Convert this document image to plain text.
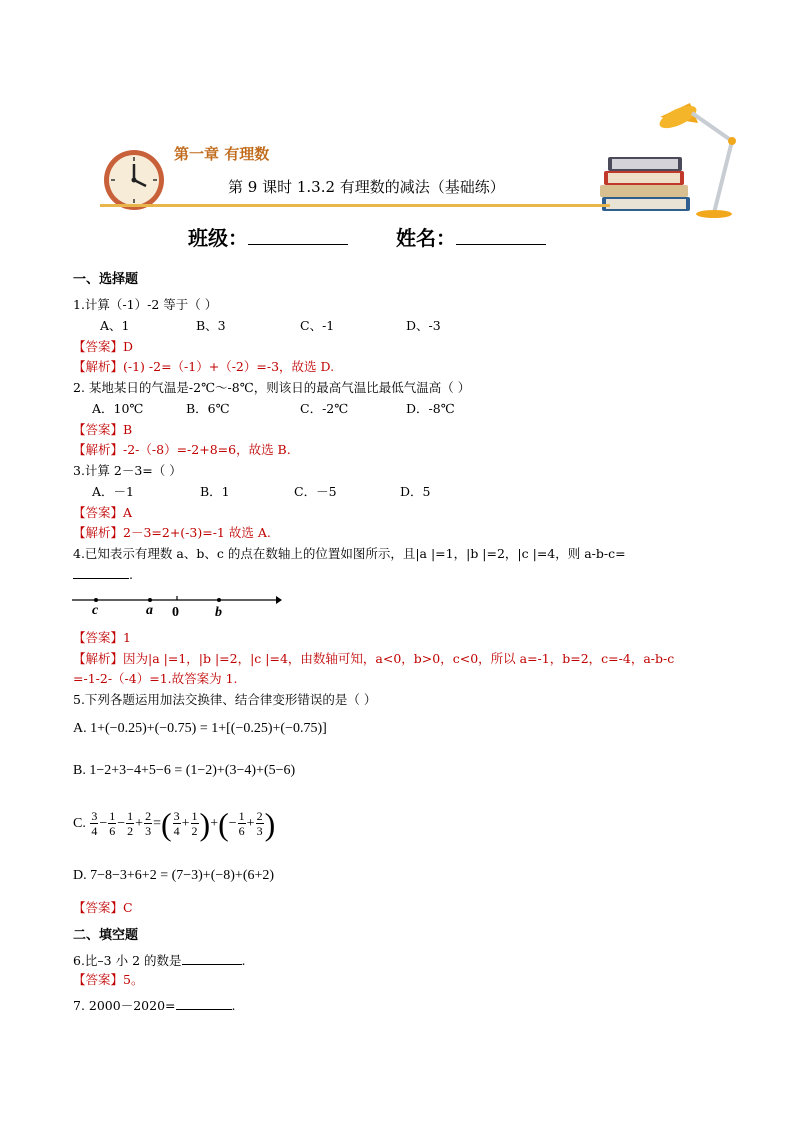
第一章 有理数
第 9 课时 1.3.2 有理数的减法（基础练）
班级：	姓名：
一、选择题
1.计算（-1）-2 等于（ ）
A、1	B、3	C、-1	D、-3
【答案】D
【解析】(-1) -2=（-1）+（-2）=-3，故选 D.
2. 某地某日的气温是-2℃～-8℃，则该日的最高气温比最低气温高（ ）
A．10℃	B．6℃	C．-2℃	D．-8℃
【答案】B
【解析】-2-（-8）=-2+8=6，故选 B.
3.计算 2－3=（ ）
A．－1	B．1	C．－5	D．5
【答案】A
【解析】2－3=2+(-3)=-1 故选 A.
4.已知表示有理数 a、b、c 的点在数轴上的位置如图所示，且|a |=1，|b |=2，|c |=4，则 a-b-c=
.
c	a 0	b
【答案】1
【解析】因为|a |=1，|b |=2，|c |=4，由数轴可知，a<0，b>0，c<0，所以 a=-1，b=2，c=-4，a-b-c
=-1-2-（-4）=1.故答案为 1.
5.下列各题运用加法交换律、结合律变形错误的是（ ）
A. 1+(−0.25)+(−0.75) = 1+[(−0.25)+(−0.75)]
B. 1−2+3−4+5−6 = (1−2)+(3−4)+(5−6)
C. $\frac{3}{4} - \frac{1}{6} - \frac{1}{2} + \frac{2}{3}$ =( $\frac{3}{4} + \frac{1}{2}$ )+(− $\frac{1}{6} + \frac{2}{3}$ )
D. 7−8−3+6+2 = (7−3)+(−8)+(6+2)
【答案】C
二、填空题
6.比–3 小 2 的数是	.
【答案】5。
7. 2000－2020=	.
